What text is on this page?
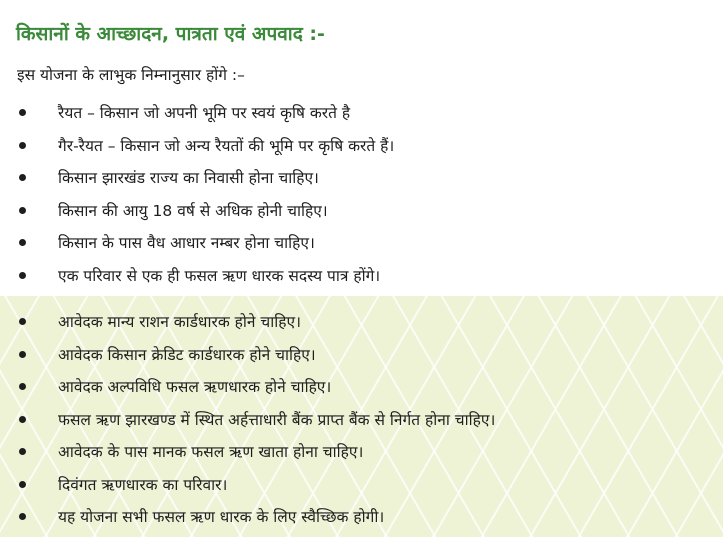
किसानों के आच्छादन, पात्रता एवं अपवाद :-

इस योजना के लाभुक निम्नानुसार होंगे :–

रैयत – किसान जो अपनी भूमि पर स्वयं कृषि करते है
गैर-रैयत – किसान जो अन्य रैयतों की भूमि पर कृषि करते हैं।
किसान झारखंड राज्य का निवासी होना चाहिए।
किसान की आयु 18 वर्ष से अधिक होनी चाहिए।
किसान के पास वैध आधार नम्बर होना चाहिए।
एक परिवार से एक ही फसल ऋण धारक सदस्य पात्र होंगे।
आवेदक मान्य राशन कार्डधारक होने चाहिए।
आवेदक किसान क्रेडिट कार्डधारक होने चाहिए।
आवेदक अल्पविधि फसल ऋणधारक होने चाहिए।
फसल ऋण झारखण्ड में स्थित अर्हत्ताधारी बैंक प्राप्त बैंक से निर्गत होना चाहिए।
आवेदक के पास मानक फसल ऋण खाता होना चाहिए।
दिवंगत ऋणधारक का परिवार।
यह योजना सभी फसल ऋण धारक के लिए स्वैच्छिक होगी।
